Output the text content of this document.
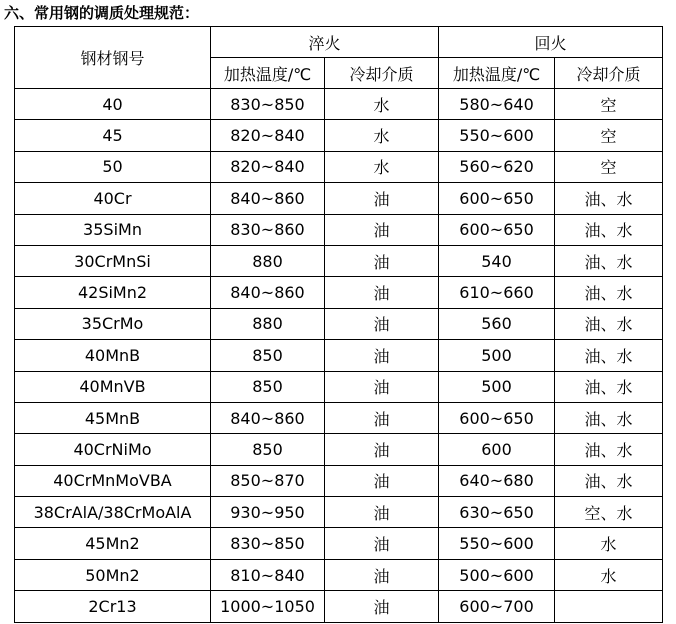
六、常用钢的调质处理规范：
钢材钢号	淬火		回火	
	加热温度/℃	冷却介质	加热温度/℃	冷却介质
40	830~850	水	580~640	空
45	820~840	水	550~600	空
50	820~840	水	560~620	空
40Cr	840~860	油	600~650	油、水
35SiMn	830~860	油	600~650	油、水
30CrMnSi	880	油	540	油、水
42SiMn2	840~860	油	610~660	油、水
35CrMo	880	油	560	油、水
40MnB	850	油	500	油、水
40MnVB	850	油	500	油、水
45MnB	840~860	油	600~650	油、水
40CrNiMo	850	油	600	油、水
40CrMnMoVBA	850~870	油	640~680	油、水
38CrAlA/38CrMoAlA	930~950	油	630~650	空、水
45Mn2	830~850	油	550~600	水
50Mn2	810~840	油	500~600	水
2Cr13	1000~1050	油	600~700	
